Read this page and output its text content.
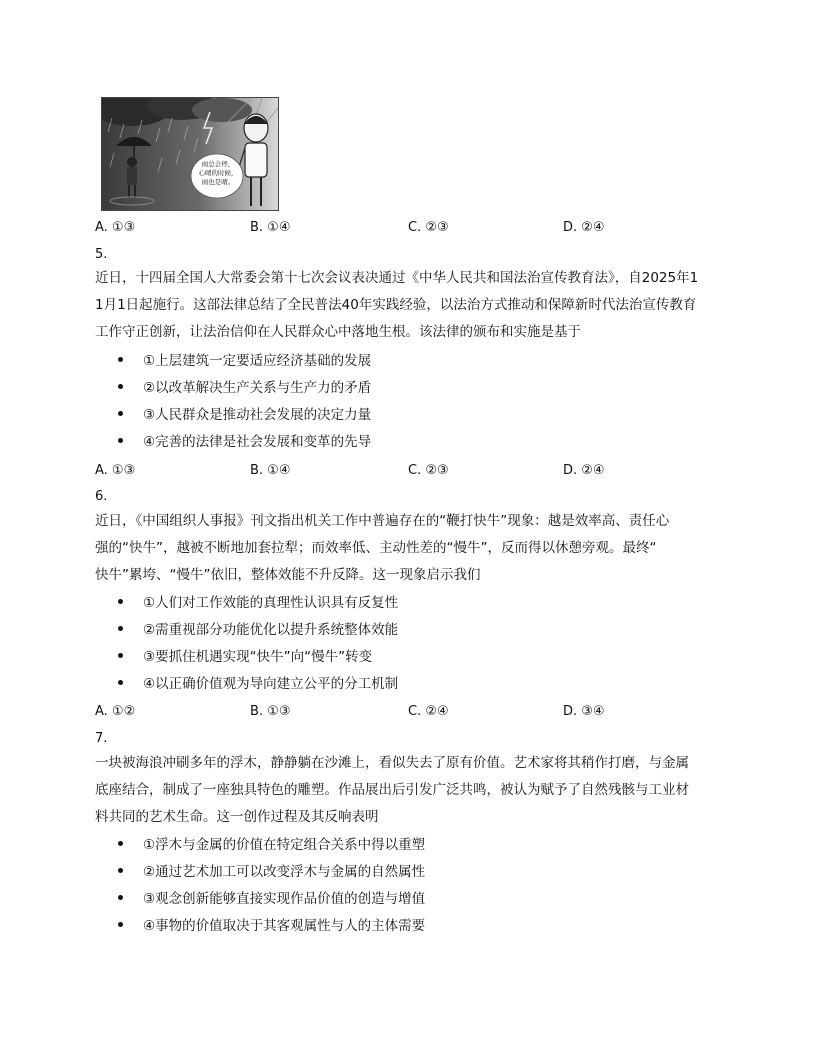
雨总会停，
心晴的时候，
雨也是晴。
A. ①③	B. ①④	C. ②③	D. ②④
5.
近日，十四届全国人大常委会第十七次会议表决通过《中华人民共和国法治宣传教育法》，自2025年1
1月1日起施行。这部法律总结了全民普法40年实践经验，以法治方式推动和保障新时代法治宣传教育
工作守正创新，让法治信仰在人民群众心中落地生根。该法律的颁布和实施是基于
①上层建筑一定要适应经济基础的发展
②以改革解决生产关系与生产力的矛盾
③人民群众是推动社会发展的决定力量
④完善的法律是社会发展和变革的先导
A. ①③	B. ①④	C. ②③	D. ②④
6.
近日，《中国组织人事报》刊文指出机关工作中普遍存在的“鞭打快牛”现象：越是效率高、责任心
强的“快牛”，越被不断地加套拉犁；而效率低、主动性差的“慢牛”，反而得以休憩旁观。最终“
快牛”累垮、“慢牛”依旧，整体效能不升反降。这一现象启示我们
①人们对工作效能的真理性认识具有反复性
②需重视部分功能优化以提升系统整体效能
③要抓住机遇实现“快牛”向“慢牛”转变
④以正确价值观为导向建立公平的分工机制
A. ①②	B. ①③	C. ②④	D. ③④
7.
一块被海浪冲刷多年的浮木，静静躺在沙滩上，看似失去了原有价值。艺术家将其稍作打磨，与金属
底座结合，制成了一座独具特色的雕塑。作品展出后引发广泛共鸣，被认为赋予了自然残骸与工业材
料共同的艺术生命。这一创作过程及其反响表明
①浮木与金属的价值在特定组合关系中得以重塑
②通过艺术加工可以改变浮木与金属的自然属性
③观念创新能够直接实现作品价值的创造与增值
④事物的价值取决于其客观属性与人的主体需要
